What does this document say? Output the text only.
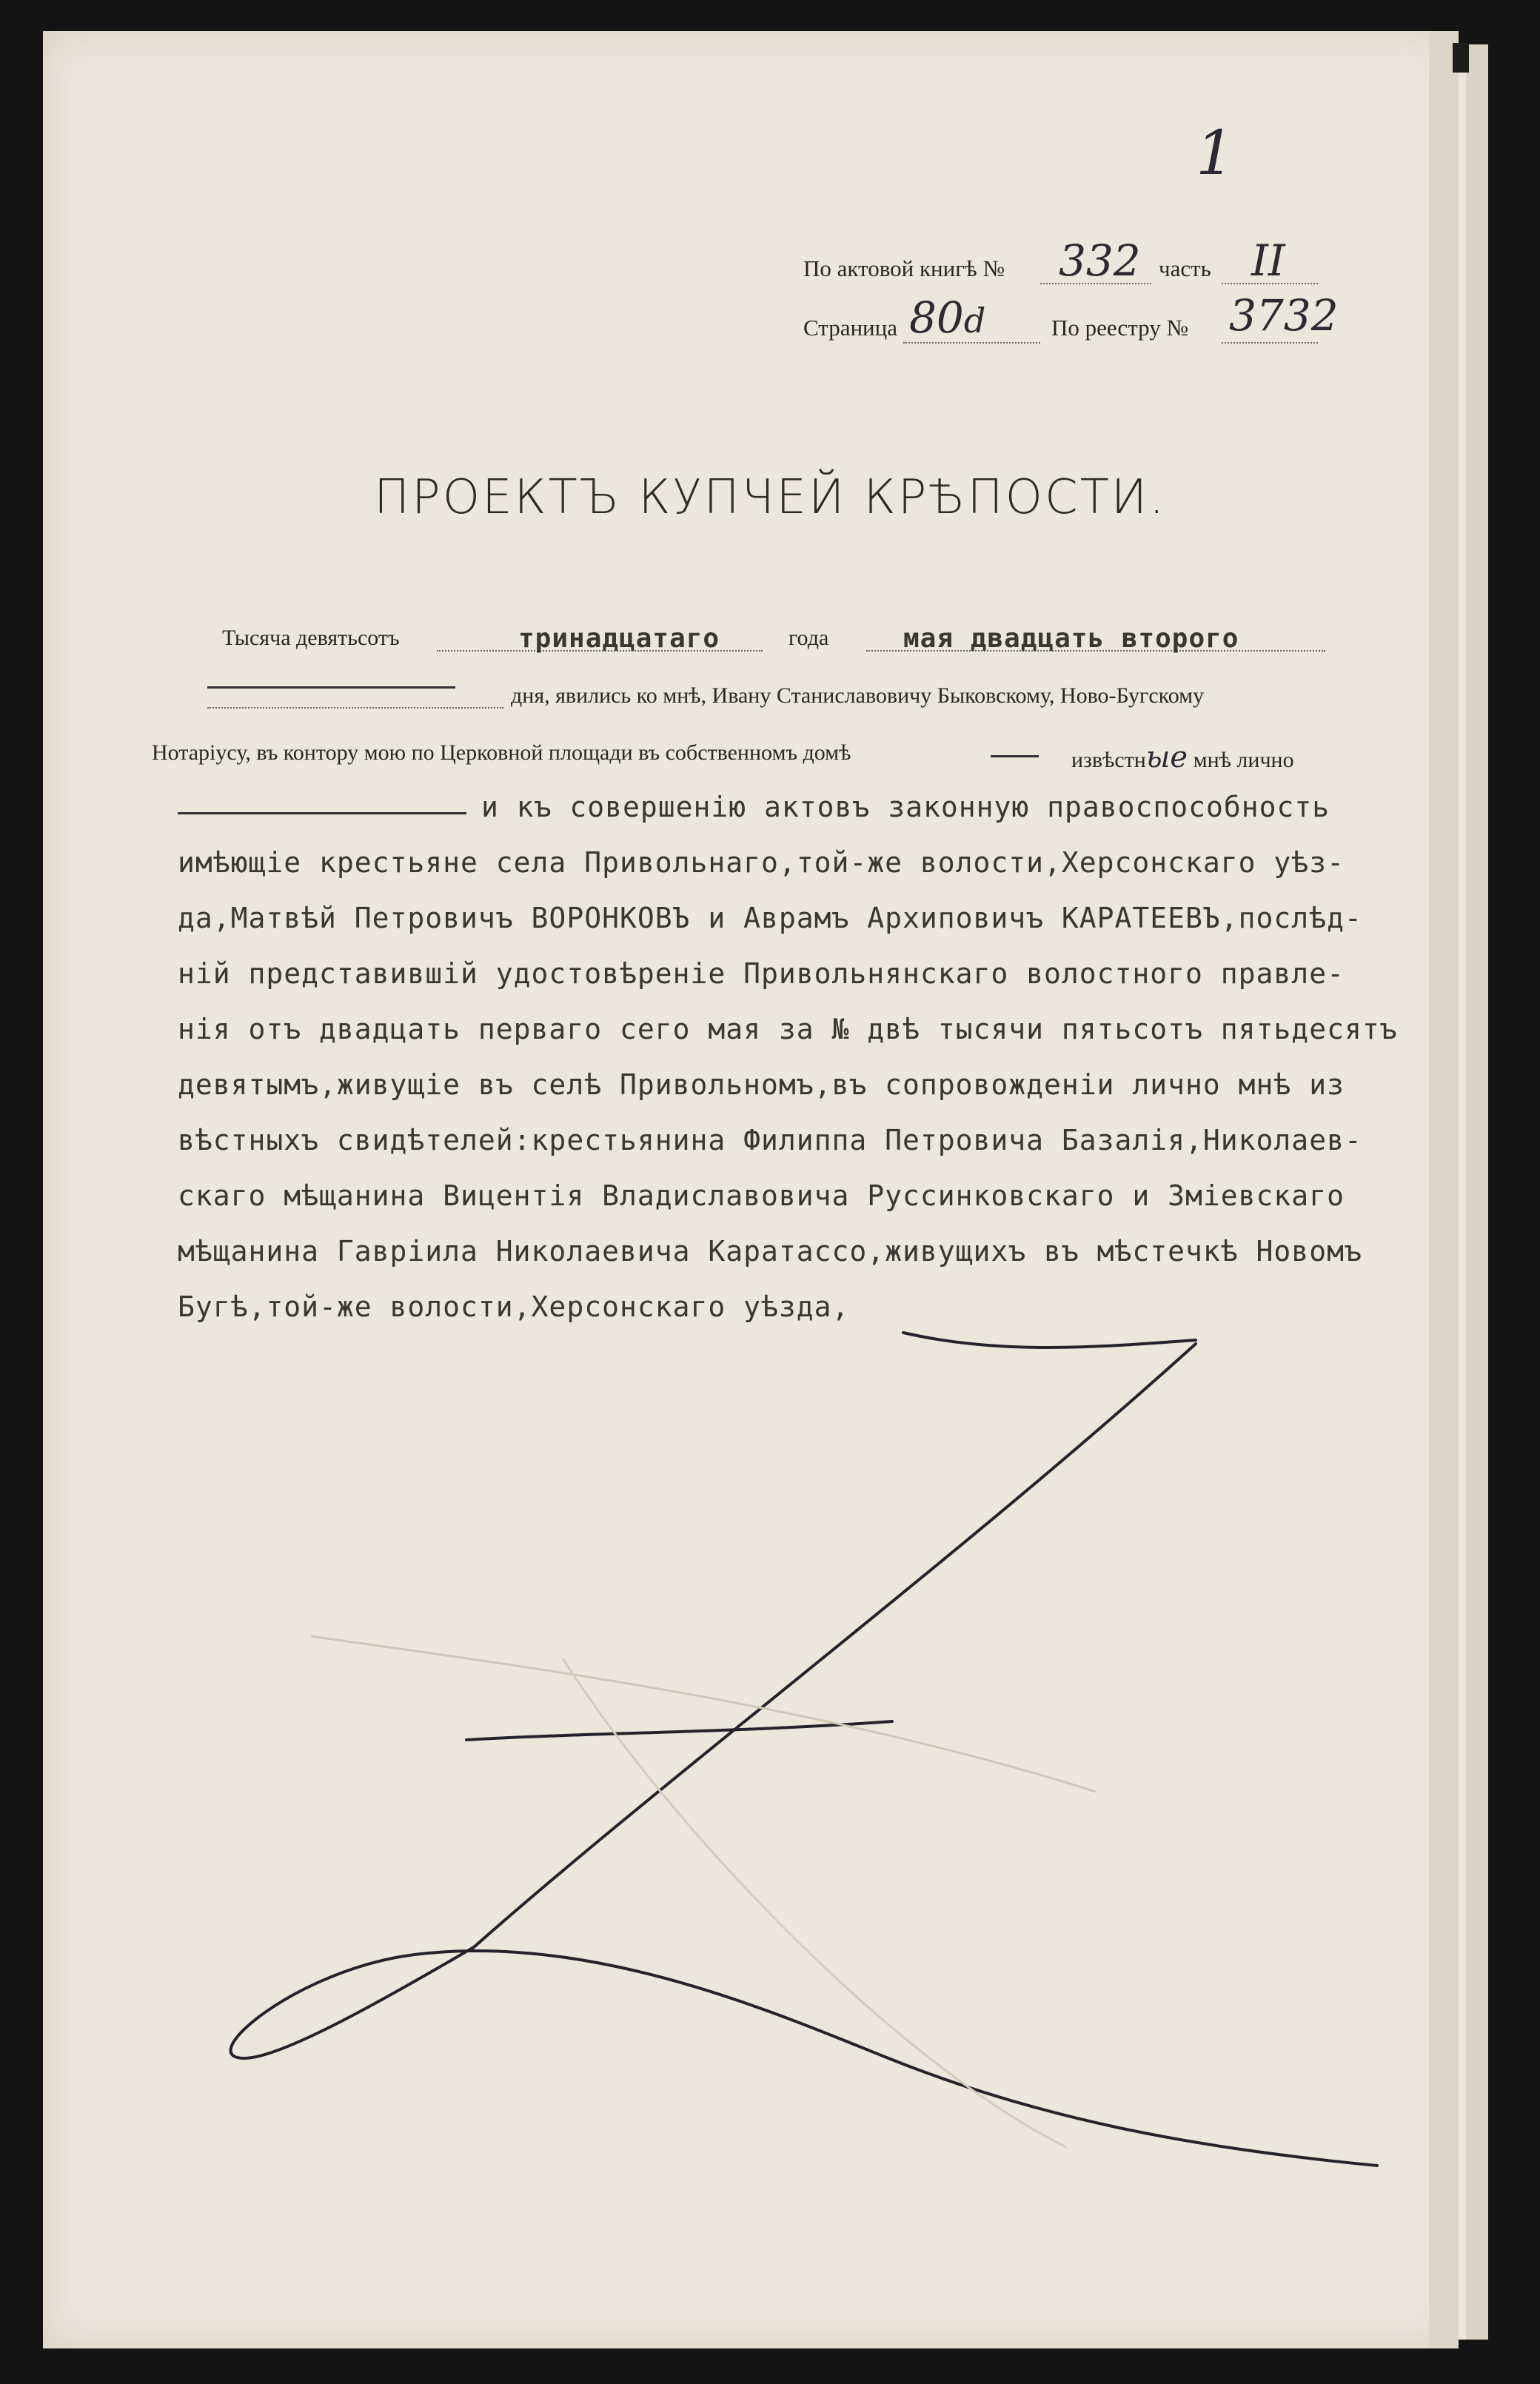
1
По актовой книгѣ № 332 часть II
Страница 80d	По реестру № 3732
ПРОЕКТЪ КУПЧЕЙ КРѢПОСТИ.
Тысяча девятьсотъ	тринадцатаго	года	мая двадцать второго
дня, явились ко мнѣ, Ивану Станиславовичу Быковскому, Ново-Бугскому
Нотаріусу, въ контору мою по Церковной площади въ собственномъ домѣ	извѣстные мнѣ лично
и къ совершенію актовъ законную правоспособность
имѣющіе крестьяне села Привольнаго,той-же волости,Херсонскаго уѣз-
да,Матвѣй Петровичъ ВОРОНКОВЪ и Аврамъ Архиповичъ КАРАТЕЕВЪ,послѣд-
ній представившій удостовѣреніе Привольнянскаго волостного правле-
нія отъ двадцать перваго сего мая за № двѣ тысячи пятьсотъ пятьдесятъ
девятымъ,живущіе въ селѣ Привольномъ,въ сопровожденіи лично мнѣ из
вѣстныхъ свидѣтелей:крестьянина Филиппа Петровича Базалія,Николаев-
скаго мѣщанина Вицентія Владиславовича Руссинковскаго и Зміевскаго
мѣщанина Гавріила Николаевича Каратассо,живущихъ въ мѣстечкѣ Новомъ
Бугѣ,той-же волости,Херсонскаго уѣзда,
